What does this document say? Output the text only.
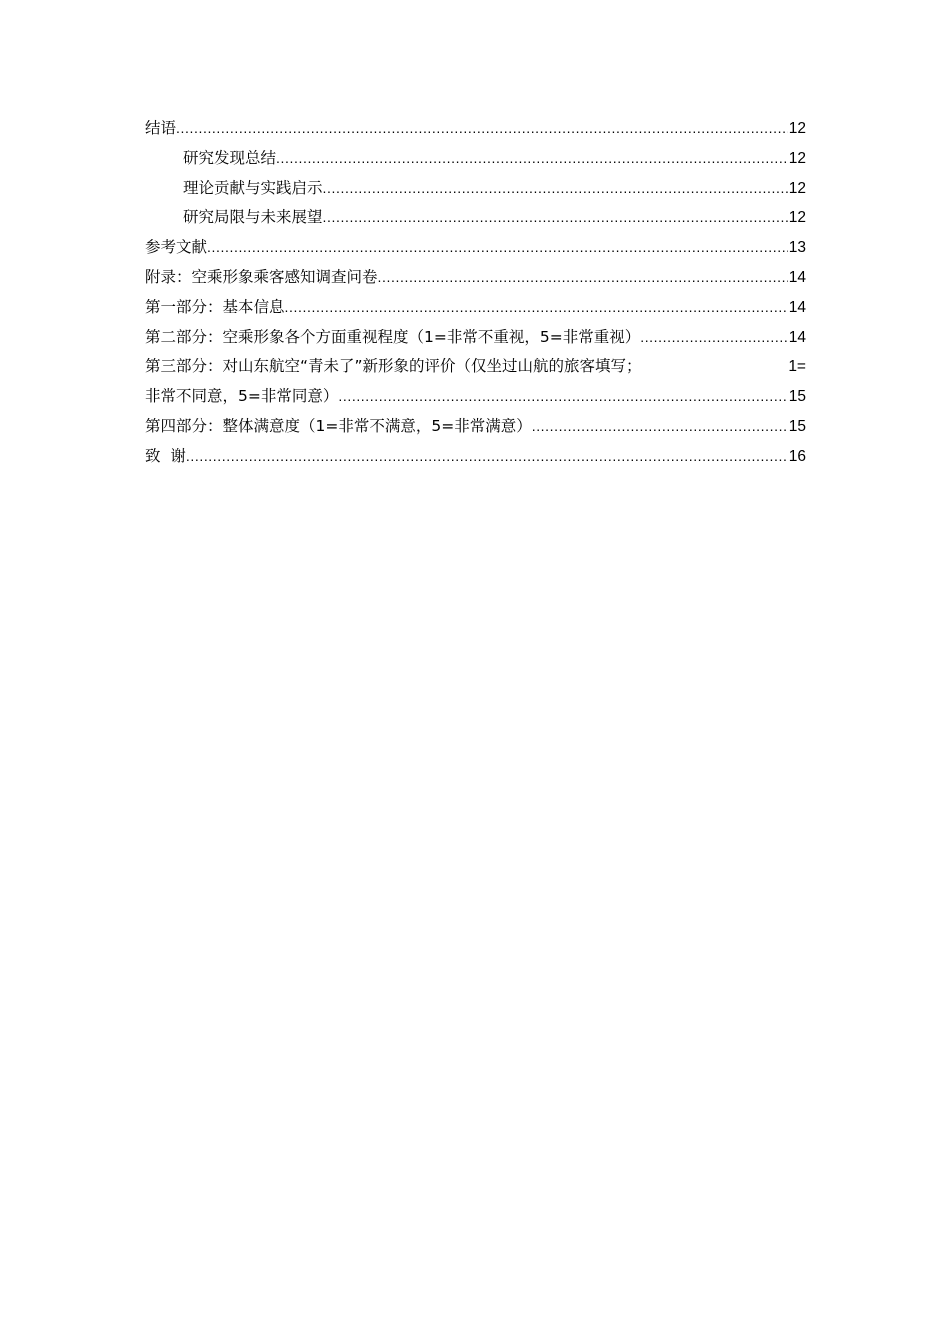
结语 .....	12
研究发现总结 .....	12
理论贡献与实践启示 .....	12
研究局限与未来展望 .....	12
参考文献 .....	13
附录：空乘形象乘客感知调查问卷 .....	14
第一部分：基本信息 .....	14
第二部分：空乘形象各个方面重视程度（1=非常不重视，5=非常重视） .....	14
第三部分：对山东航空“青未了”新形象的评价（仅坐过山航的旅客填写；	1=
非常不同意，5=非常同意） .....	15
第四部分：整体满意度（1=非常不满意，5=非常满意） .....	15
致  谢 .....	16
